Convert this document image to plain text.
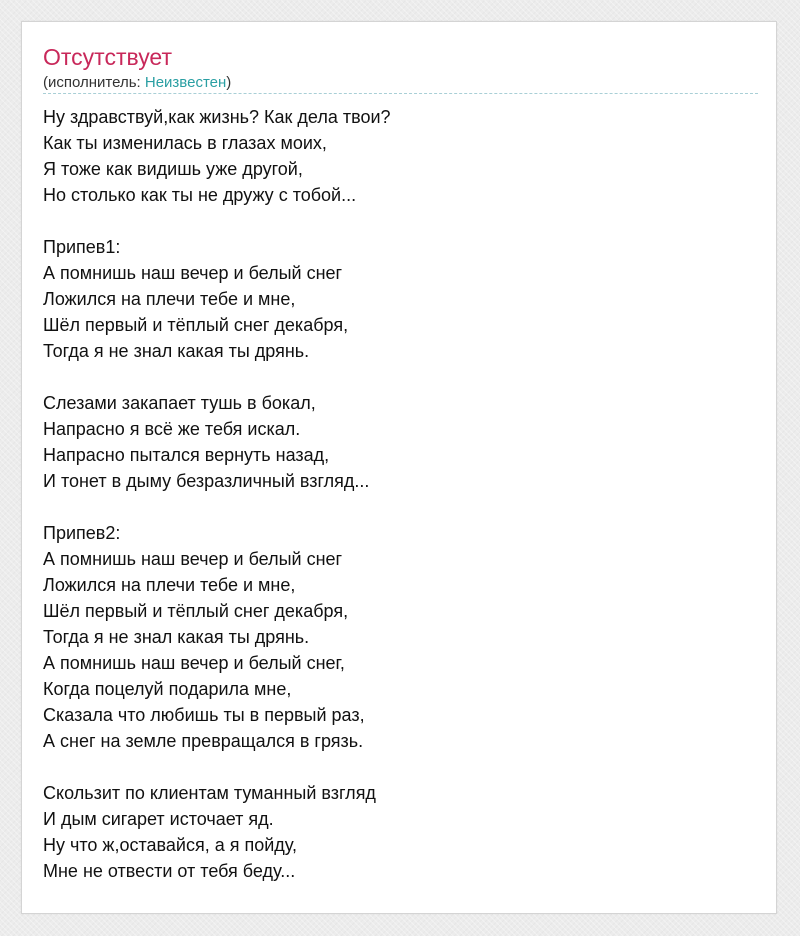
Отсутствует
(исполнитель: Неизвестен)
Ну здравствуй,как жизнь? Как дела твои?
Как ты изменилась в глазах моих,
Я тоже как видишь уже другой,
Но столько как ты не дружу с тобой...
Припев1:
А помнишь наш вечер и белый снег
Ложился на плечи тебе и мне,
Шёл первый и тёплый снег декабря,
Тогда я не знал какая ты дрянь.
Слезами закапает тушь в бокал,
Напрасно я всё же тебя искал.
Напрасно пытался вернуть назад,
И тонет в дыму безразличный взгляд...
Припев2:
А помнишь наш вечер и белый снег
Ложился на плечи тебе и мне,
Шёл первый и тёплый снег декабря,
Тогда я не знал какая ты дрянь.
А помнишь наш вечер и белый снег,
Когда поцелуй подарила мне,
Сказала что любишь ты в первый раз,
А снег на земле превращался в грязь.
Скользит по клиентам туманный взгляд
И дым сигарет источает яд.
Ну что ж,оставайся, а я пойду,
Мне не отвести от тебя беду...
